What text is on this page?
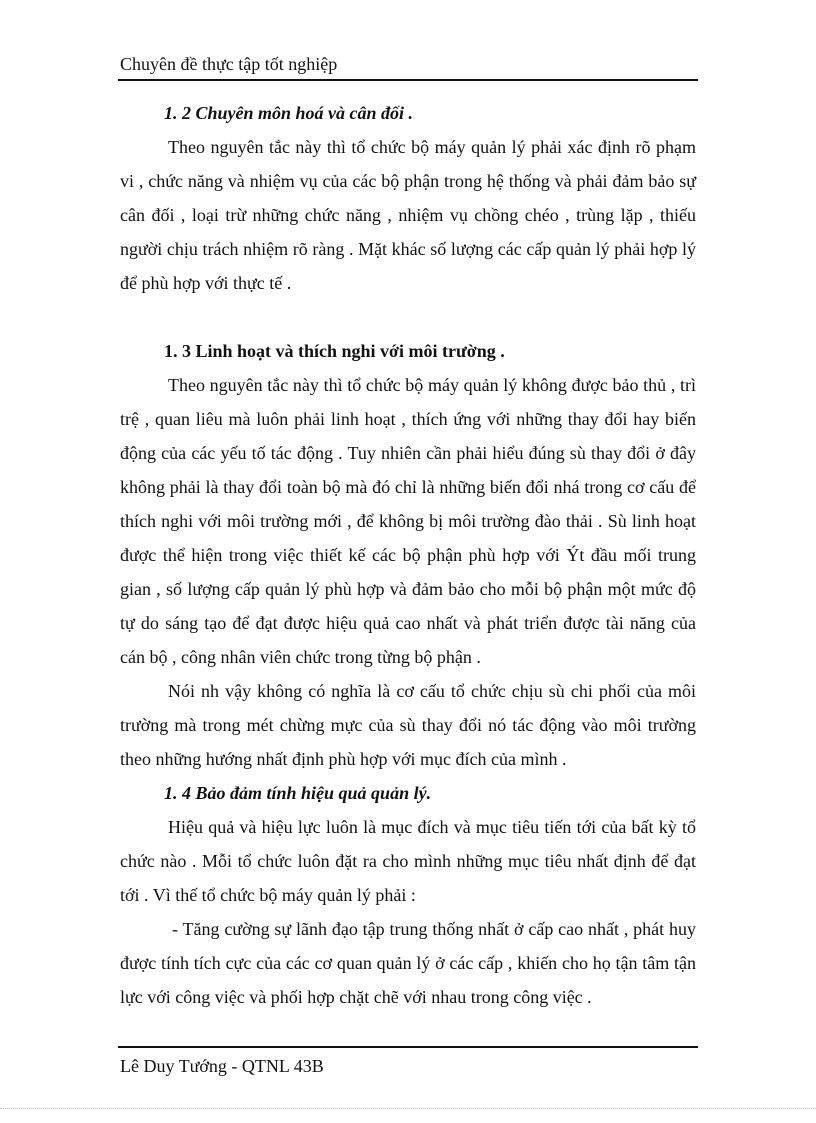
Chuyên đề thực tập tốt nghiệp

1. 2 Chuyên môn hoá và cân đối .

Theo nguyên tắc này thì tổ chức bộ máy quản lý phải xác định rõ phạm vi , chức năng và nhiệm vụ của các bộ phận trong hệ thống và phải đảm bảo sự cân đối , loại trừ những chức năng , nhiệm vụ chồng chéo , trùng lặp , thiếu người chịu trách nhiệm rõ ràng . Mặt khác số lượng các cấp quản lý phải hợp lý để phù hợp với thực tế .

1. 3 Linh hoạt và thích nghi với môi trường .

Theo nguyên tắc này thì tổ chức bộ máy quản lý không được bảo thủ , trì trệ , quan liêu mà luôn phải linh hoạt , thích ứng với những thay đổi hay biến động của các yếu tố tác động . Tuy nhiên cần phải hiểu đúng sù thay đổi ở đây không phải là thay đổi toàn bộ mà đó chỉ là những biến đổi nhá trong cơ cấu để thích nghi với môi trường mới , để không bị môi trường đào thải . Sù linh hoạt được thể hiện trong việc thiết kế các bộ phận phù hợp với Ýt đầu mối trung gian , số lượng cấp quản lý phù hợp và đảm bảo cho mỗi bộ phận một mức độ tự do sáng tạo để đạt được hiệu quả cao nhất và phát triển được tài năng của cán bộ , công nhân viên chức trong từng bộ phận .

Nói nh vậy không có nghĩa là cơ cấu tổ chức chịu sù chi phối của môi trường mà trong mét chừng mực của sù thay đổi nó tác động vào môi trường theo những hướng nhất định phù hợp với mục đích của mình .

1. 4 Bảo đảm tính hiệu quả quản lý.

Hiệu quả và hiệu lực luôn là mục đích và mục tiêu tiến tới của bất kỳ tổ chức nào . Mỗi tổ chức luôn đặt ra cho mình những mục tiêu nhất định để đạt tới . Vì thế tổ chức bộ máy quản lý phải :

- Tăng cường sự lãnh đạo tập trung thống nhất ở cấp cao nhất , phát huy được tính tích cực của các cơ quan quản lý ở các cấp , khiến cho họ tận tâm tận lực với công việc và phối hợp chặt chẽ với nhau trong công việc .

Lê Duy Tướng - QTNL 43B
